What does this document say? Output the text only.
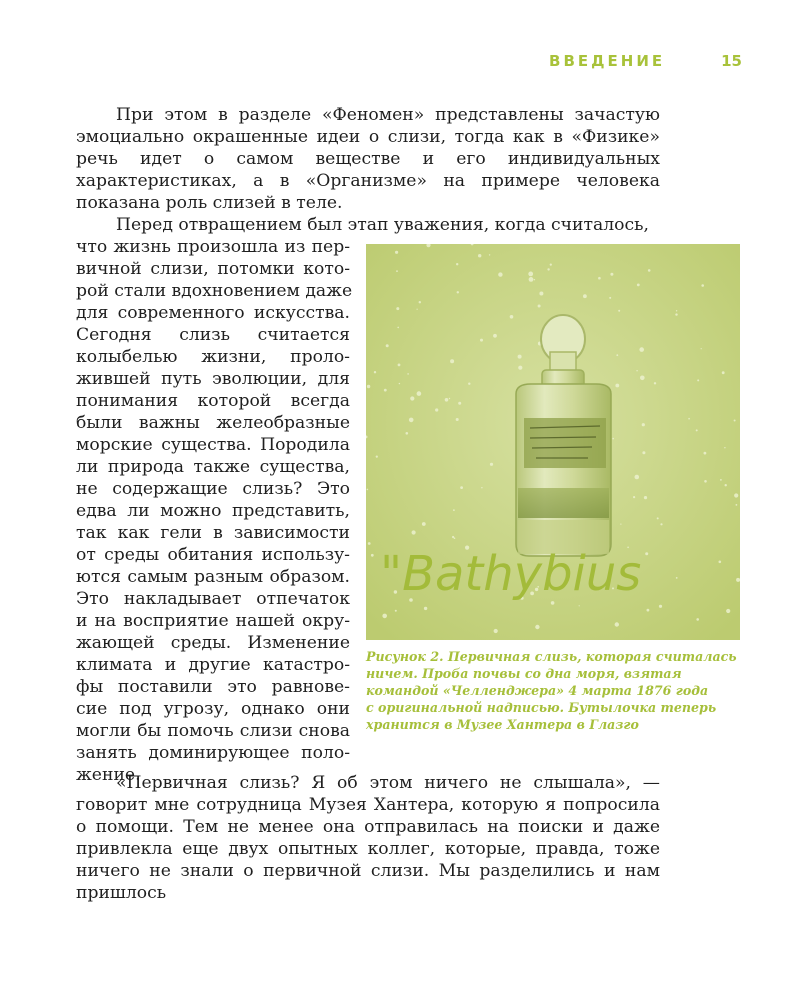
ВВЕДЕНИЕ	15

При этом в разделе «Феномен» представлены зачастую эмоциально окрашенные идеи о слизи, тогда как в «Физике» речь идет о самом веществе и его индивидуальных характеристиках, а в «Организме» на примере человека показана роль слизей в теле.

Перед отвращением был этап уважения, когда считалось,

что жизнь произошла из пер-
вичной слизи, потомки кото-
рой стали вдохновением даже
для современного искусства.
Сегодня слизь считается
колыбелью жизни, проло-
жившей путь эволюции, для
понимания которой всегда
были важны желеобразные
морские существа. Породила
ли природа также существа,
не содержащие слизь? Это
едва ли можно представить,
так как гели в зависимости
от среды обитания использу-
ются самым разным образом.
Это накладывает отпечаток
и на восприятие нашей окру-
жающей среды. Изменение
климата и другие катастро-
фы поставили это равнове-
сие под угрозу, однако они
могли бы помочь слизи снова
занять доминирующее поло-
жение.
"Bathybius
Рисунок 2. Первичная слизь, которая считалась
ничем. Проба почвы со дна моря, взятая
командой «Челленджера» 4 марта 1876 года
с оригинальной надписью. Бутылочка теперь
хранится в Музее Хантера в Глазго

«Первичная слизь? Я об этом ничего не слышала», — говорит мне сотрудница Музея Хантера, которую я попросила о помощи. Тем не менее она отправилась на поиски и даже привлекла еще двух опытных коллег, которые, правда, тоже ничего не знали о первичной слизи. Мы разделились и нам пришлось
